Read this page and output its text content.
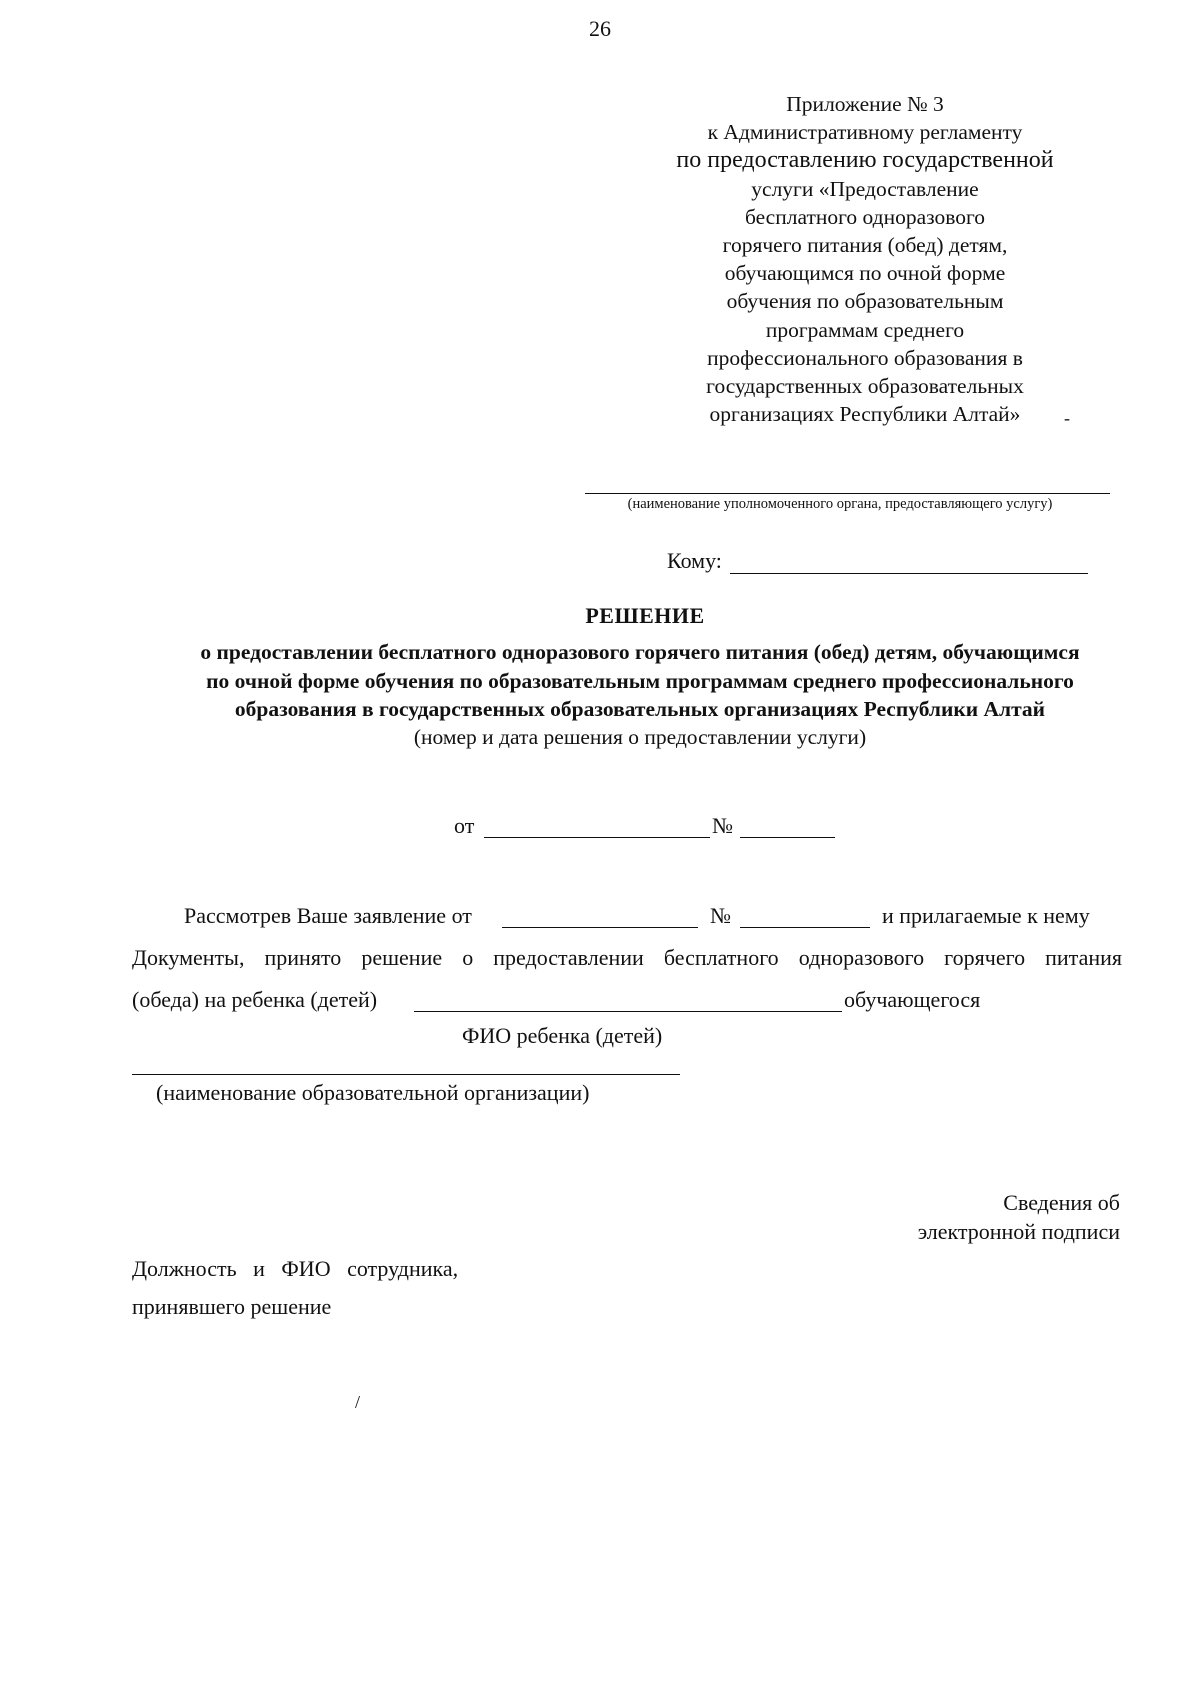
26
Приложение № 3
к Административному регламенту
по предоставлению государственной
услуги «Предоставление
бесплатного одноразового
горячего питания (обед) детям,
обучающимся по очной форме
обучения по образовательным
программам среднего
профессионального образования в
государственных образовательных
организациях Республики Алтай»	-
(наименование уполномоченного органа, предоставляющего услугу)
Кому:
РЕШЕНИЕ
о предоставлении бесплатного одноразового горячего питания (обед) детям, обучающимся
по очной форме обучения по образовательным программам среднего профессионального
образования в государственных образовательных организациях Республики Алтай
(номер и дата решения о предоставлении услуги)
от	№
Рассмотрев Ваше заявление от	№	и прилагаемые к нему
Документы, принято решение о предоставлении бесплатного одноразового горячего питания
(обеда) на ребенка (детей)	обучающегося
ФИО ребенка (детей)
(наименование образовательной организации)
Сведения об
электронной подписи
Должность и ФИО сотрудника,
принявшего решение
/
